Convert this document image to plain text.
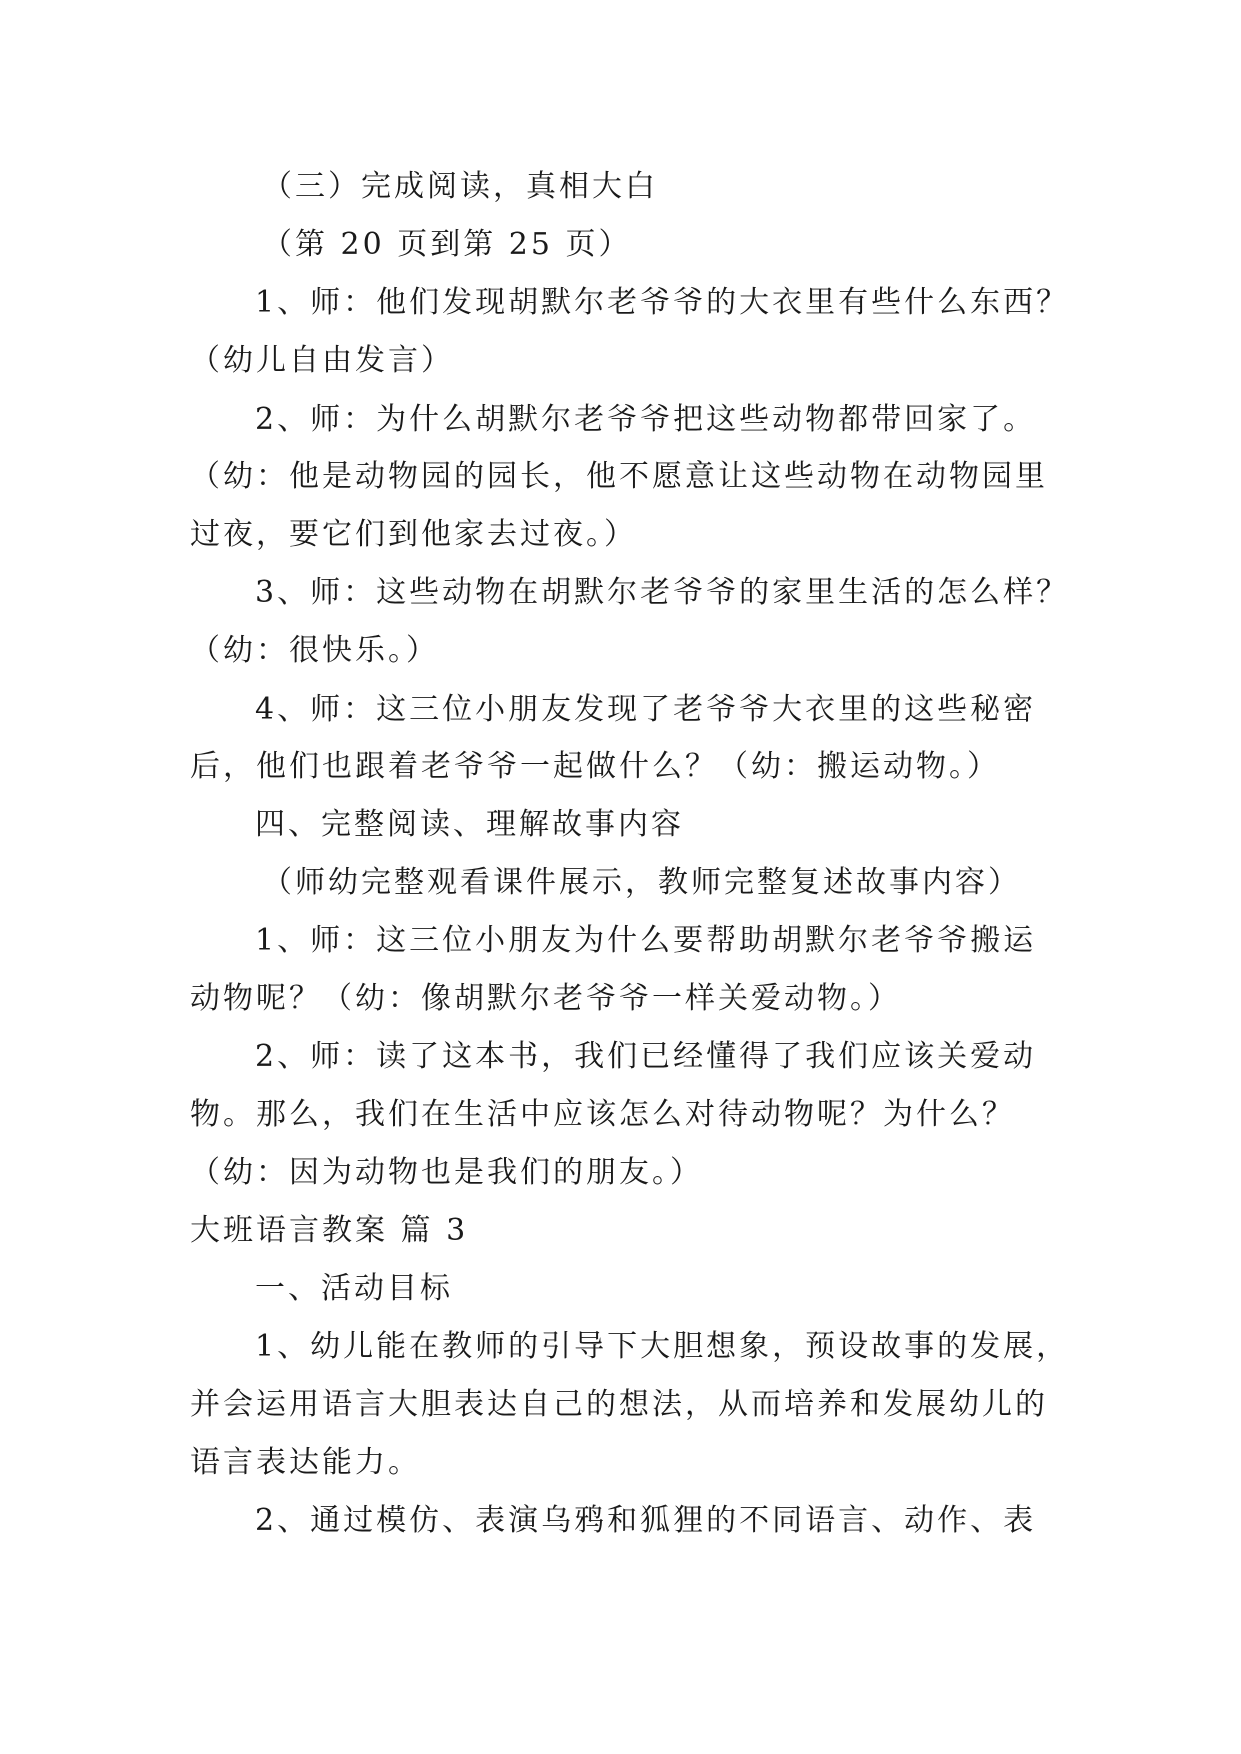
（三）完成阅读，真相大白
（第 20 页到第 25 页）
1、师：他们发现胡默尔老爷爷的大衣里有些什么东西？
（幼儿自由发言）
2、师：为什么胡默尔老爷爷把这些动物都带回家了。
（幼：他是动物园的园长，他不愿意让这些动物在动物园里
过夜，要它们到他家去过夜。）
3、师：这些动物在胡默尔老爷爷的家里生活的怎么样？
（幼：很快乐。）
4、师：这三位小朋友发现了老爷爷大衣里的这些秘密
后，他们也跟着老爷爷一起做什么？（幼：搬运动物。）
四、完整阅读、理解故事内容
（师幼完整观看课件展示，教师完整复述故事内容）
1、师：这三位小朋友为什么要帮助胡默尔老爷爷搬运
动物呢？（幼：像胡默尔老爷爷一样关爱动物。）
2、师：读了这本书，我们已经懂得了我们应该关爱动
物。那么，我们在生活中应该怎么对待动物呢？为什么？
（幼：因为动物也是我们的朋友。）
大班语言教案 篇 3
一、活动目标
1、幼儿能在教师的引导下大胆想象，预设故事的发展，
并会运用语言大胆表达自己的想法，从而培养和发展幼儿的
语言表达能力。
2、通过模仿、表演乌鸦和狐狸的不同语言、动作、表
